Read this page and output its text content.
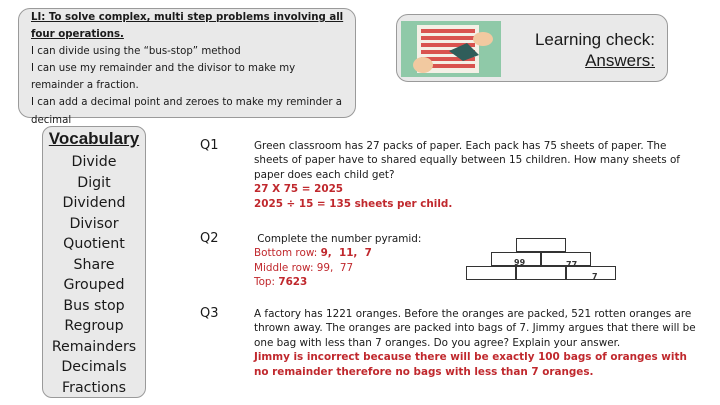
LI: To solve complex, multi step problems involving all four operations.
I can divide using the “bus-stop” method
I can use my remainder and the divisor to make my remainder a fraction.
I can add a decimal point and zeroes to make my reminder a decimal
Learning check:
Answers:
Vocabulary
Divide
Digit
Dividend
Divisor
Quotient
Share
Grouped
Bus stop
Regroup
Remainders
Decimals
Fractions
Q1	Green classroom has 27 packs of paper. Each pack has 75 sheets of paper. The sheets of paper have to shared equally between 15 children. How many sheets of paper does each child get?
27 X 75 = 2025
2025 ÷ 15 = 135 sheets per child.
Q2	Complete the number pyramid:
Bottom row: 9,  11,  7
Middle row: 99,  77
Top: 7623
99	77
7
Q3	A factory has 1221 oranges. Before the oranges are packed, 521 rotten oranges are thrown away. The oranges are packed into bags of 7. Jimmy argues that there will be one bag with less than 7 oranges. Do you agree? Explain your answer.
Jimmy is incorrect because there will be exactly 100 bags of oranges with no remainder therefore no bags with less than 7 oranges.
